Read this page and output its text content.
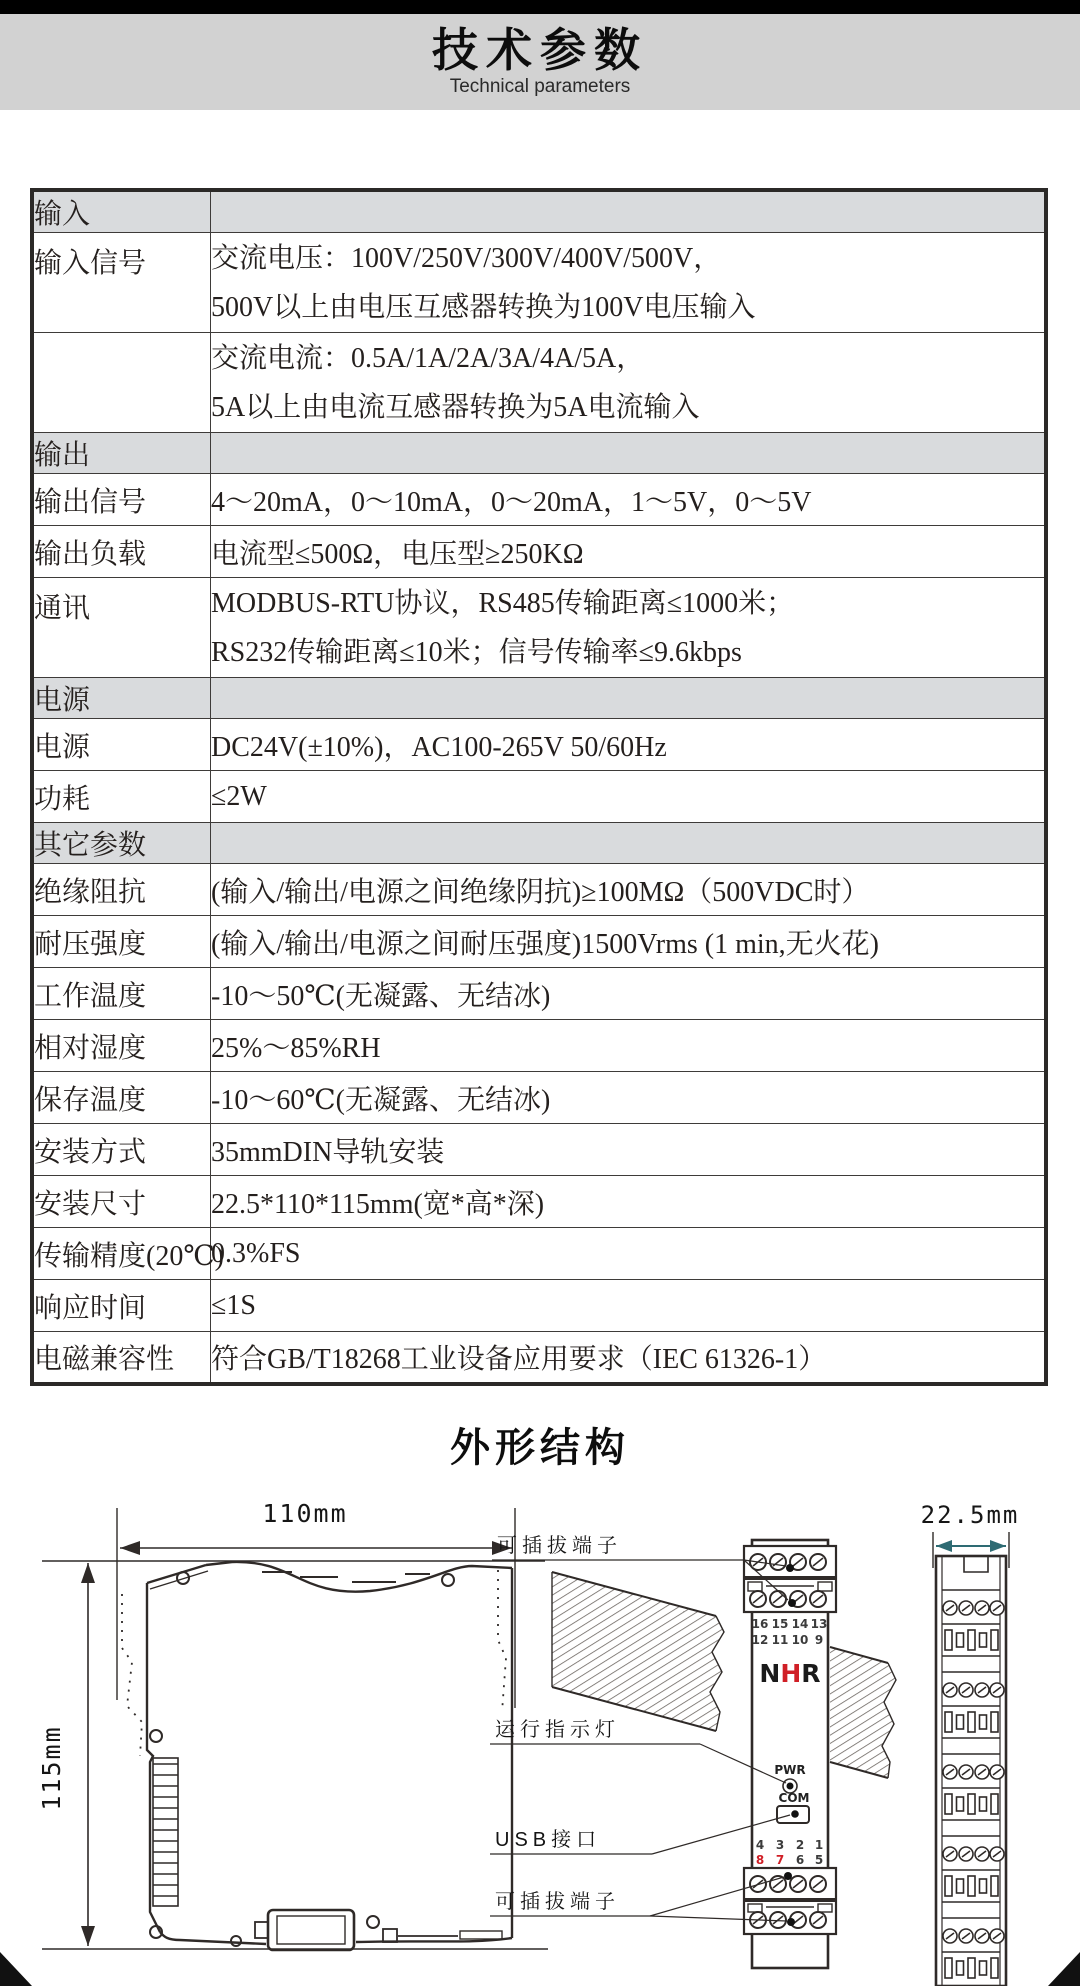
技术参数
Technical parameters
输入	
输入信号	交流电压：100V/250V/300V/400V/500V，
500V以上由电压互感器转换为100V电压输入

	交流电流：0.5A/1A/2A/3A/4A/5A，
5A以上由电流互感器转换为5A电流输入

输出	
输出信号	4～20mA，0～10mA，0～20mA，1～5V，0～5V
输出负载	电流型≤500Ω，电压型≥250KΩ
通讯	MODBUS-RTU协议，RS485传输距离≤1000米；
RS232传输距离≤10米；信号传输率≤9.6kbps

电源	
电源	DC24V(±10%)，AC100-265V 50/60Hz
功耗	≤2W
其它参数	
绝缘阻抗	(输入/输出/电源之间绝缘阴抗)≥100MΩ（500VDC时）
耐压强度	(输入/输出/电源之间耐压强度)1500Vrms (1 min,无火花)
工作温度	-10～50℃(无凝露、无结冰)
相对湿度	25%～85%RH
保存温度	-10～60℃(无凝露、无结冰)
安装方式	35mmDIN导轨安装
安装尺寸	22.5*110*115mm(宽*高*深)
传输精度(20℃)	0.3%FS
响应时间	≤1S
电磁兼容性	符合GB/T18268工业设备应用要求（IEC 61326-1）
外形结构
110mm
115mm
16 15 14 13
12 11 10 9
NHR
PWR
COM
4 3 2 1
8 7 6 5
可插拔端子
运行指示灯
USB接口
可插拔端子
22.5mm
